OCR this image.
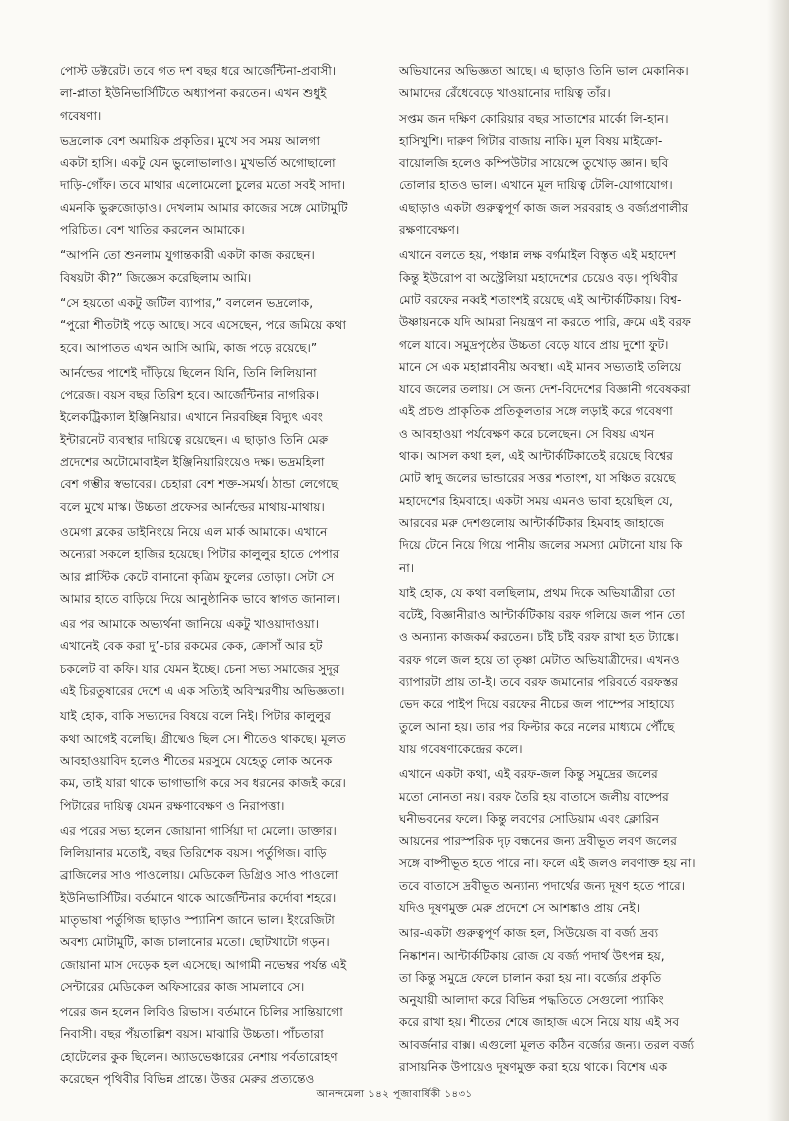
পোস্ট ডক্টরেট। তবে গত দশ বছর ধরে আর্জেন্টিনা-প্রবাসী।
লা-প্লাতা ইউনিভার্সিটিতে অধ্যাপনা করতেন। এখন শুধুই
গবেষণা।

ভদ্রলোক বেশ অমায়িক প্রকৃতির। মুখে সব সময় আলগা
একটা হাসি। একটু যেন ভুলোভালাও। মুখভর্তি অগোছালো
দাড়ি-গোঁফ। তবে মাথার এলোমেলো চুলের মতো সবই সাদা।
এমনকি ভুরুজোড়াও। দেখলাম আমার কাজের সঙ্গে মোটামুটি
পরিচিত। বেশ খাতির করলেন আমাকে।

“আপনি তো শুনলাম যুগান্তকারী একটা কাজ করছেন।
বিষয়টা কী?” জিজ্ঞেস করেছিলাম আমি।

“সে হয়তো একটু জটিল ব্যাপার,” বললেন ভদ্রলোক,
“পুরো শীতটাই পড়ে আছে। সবে এসেছেন, পরে জমিয়ে কথা
হবে। আপাতত এখন আসি আমি, কাজ পড়ে রয়েছে।”

আর্নল্ডের পাশেই দাঁড়িয়ে ছিলেন যিনি, তিনি লিলিয়ানা
পেরেজ। বয়স বছর তিরিশ হবে। আর্জেন্টিনার নাগরিক।
ইলেকট্রিক্যাল ইঞ্জিনিয়ার। এখানে নিরবচ্ছিন্ন বিদ্যুৎ এবং
ইন্টারনেট ব্যবস্থার দায়িত্বে রয়েছেন। এ ছাড়াও তিনি মেরু
প্রদেশের অটোমোবাইল ইঞ্জিনিয়ারিংয়েও দক্ষ। ভদ্রমহিলা
বেশ গম্ভীর স্বভাবের। চেহারা বেশ শক্ত-সমর্থ। ঠান্ডা লেগেছে
বলে মুখে মাস্ক। উচ্চতা প্রফেসর আর্নল্ডের মাথায়-মাথায়।

ওমেগা ব্লকের ডাইনিংয়ে নিয়ে এল মার্ক আমাকে। এখানে
অন্যেরা সকলে হাজির হয়েছে। পিটার কালুলুর হাতে পেপার
আর প্লাস্টিক কেটে বানানো কৃত্রিম ফুলের তোড়া। সেটা সে
আমার হাতে বাড়িয়ে দিয়ে আনুষ্ঠানিক ভাবে স্বাগত জানাল।

এর পর আমাকে অভ্যর্থনা জানিয়ে একটু খাওয়াদাওয়া।
এখানেই বেক করা দু’-চার রকমের কেক, ক্রোসাঁ আর হট
চকলেট বা কফি। যার যেমন ইচ্ছে। চেনা সভ্য সমাজের সুদূর
এই চিরতুষারের দেশে এ এক সত্যিই অবিস্মরণীয় অভিজ্ঞতা।

যাই হোক, বাকি সভ্যদের বিষয়ে বলে নিই। পিটার কালুলুর
কথা আগেই বলেছি। গ্রীষ্মেও ছিল সে। শীতেও থাকছে। মূলত
আবহাওয়াবিদ হলেও শীতের মরসুমে যেহেতু লোক অনেক
কম, তাই যারা থাকে ভাগাভাগি করে সব ধরনের কাজই করে।
পিটারের দায়িত্ব যেমন রক্ষণাবেক্ষণ ও নিরাপত্তা।

এর পরের সভ্য হলেন জোয়ানা গার্সিয়া দা মেলো। ডাক্তার।
লিলিয়ানার মতোই, বছর তিরিশেক বয়স। পর্তুগিজ। বাড়ি
ব্রাজিলের সাও পাওলোয়। মেডিকেল ডিগ্রিও সাও পাওলো
ইউনিভার্সিটির। বর্তমানে থাকে আর্জেন্টিনার কর্দোবা শহরে।
মাতৃভাষা পর্তুগিজ ছাড়াও স্প্যানিশ জানে ভাল। ইংরেজিটা
অবশ্য মোটামুটি, কাজ চালানোর মতো। ছোটখাটো গড়ন।
জোয়ানা মাস দেড়েক হল এসেছে। আগামী নভেম্বর পর্যন্ত এই
সেন্টারের মেডিকেল অফিসারের কাজ সামলাবে সে।

পরের জন হলেন লিবিও রিভাস। বর্তমানে চিলির সান্তিয়াগো
নিবাসী। বছর পঁয়তাল্লিশ বয়স। মাঝারি উচ্চতা। পাঁচতারা
হোটেলের কুক ছিলেন। অ্যাডভেঞ্চারের নেশায় পর্বতারোহণ
করেছেন পৃথিবীর বিভিন্ন প্রান্তে। উত্তর মেরুর প্রত্যন্তেও

অভিযানের অভিজ্ঞতা আছে। এ ছাড়াও তিনি ভাল মেকানিক।
আমাদের রেঁধেবেড়ে খাওয়ানোর দায়িত্ব তাঁর।

সপ্তম জন দক্ষিণ কোরিয়ার বছর সাতাশের মার্কো লি-হান।
হাসিখুশি। দারুণ গিটার বাজায় নাকি। মূল বিষয় মাইক্রো-
বায়োলজি হলেও কম্পিউটার সায়েন্সে তুখোড় জ্ঞান। ছবি
তোলার হাতও ভাল। এখানে মূল দায়িত্ব টেলি-যোগাযোগ।
এছাড়াও একটা গুরুত্বপূর্ণ কাজ জল সরবরাহ ও বর্জ্যপ্রণালীর
রক্ষণাবেক্ষণ।

এখানে বলতে হয়, পঞ্চান্ন লক্ষ বর্গমাইল বিস্তৃত এই মহাদেশ
কিন্তু ইউরোপ বা অস্ট্রেলিয়া মহাদেশের চেয়েও বড়। পৃথিবীর
মোট বরফের নব্বই শতাংশই রয়েছে এই আন্টার্কটিকায়। বিশ্ব-
উষ্ণায়নকে যদি আমরা নিয়ন্ত্রণ না করতে পারি, ক্রমে এই বরফ
গলে যাবে। সমুদ্রপৃষ্ঠের উচ্চতা বেড়ে যাবে প্রায় দুশো ফুট।
মানে সে এক মহাপ্লাবনীয় অবস্থা। এই মানব সভ্যতাই তলিয়ে
যাবে জলের তলায়। সে জন্য দেশ-বিদেশের বিজ্ঞানী গবেষকরা
এই প্রচণ্ড প্রাকৃতিক প্রতিকূলতার সঙ্গে লড়াই করে গবেষণা
ও আবহাওয়া পর্যবেক্ষণ করে চলেছেন। সে বিষয় এখন
থাক। আসল কথা হল, এই আন্টার্কটিকাতেই রয়েছে বিশ্বের
মোট স্বাদু জলের ভান্ডারের সত্তর শতাংশ, যা সঞ্চিত রয়েছে
মহাদেশের হিমবাহে। একটা সময় এমনও ভাবা হয়েছিল যে,
আরবের মরু দেশগুলোয় আন্টার্কটিকার হিমবাহ জাহাজে
দিয়ে টেনে নিয়ে গিয়ে পানীয় জলের সমস্যা মেটানো যায় কি
না।

যাই হোক, যে কথা বলছিলাম, প্রথম দিকে অভিযাত্রীরা তো
বটেই, বিজ্ঞানীরাও আন্টার্কটিকায় বরফ গলিয়ে জল পান তো
ও অন্যান্য কাজকর্ম করতেন। চাঁই চাঁই বরফ রাখা হত ট্যাঙ্কে।
বরফ গলে জল হয়ে তা তৃষ্ণা মেটাত অভিযাত্রীদের। এখনও
ব্যাপারটা প্রায় তা-ই। তবে বরফ জমানোর পরিবর্তে বরফস্তর
ভেদ করে পাইপ দিয়ে বরফের নীচের জল পাম্পের সাহায্যে
তুলে আনা হয়। তার পর ফিল্টার করে নলের মাধ্যমে পৌঁছে
যায় গবেষণাকেন্দ্রের কলে।

এখানে একটা কথা, এই বরফ-জল কিন্তু সমুদ্রের জলের
মতো নোনতা নয়। বরফ তৈরি হয় বাতাসে জলীয় বাষ্পের
ঘনীভবনের ফলে। কিন্তু লবণের সোডিয়াম এবং ক্লোরিন
আয়নের পারস্পরিক দৃঢ় বন্ধনের জন্য দ্রবীভূত লবণ জলের
সঙ্গে বাষ্পীভূত হতে পারে না। ফলে এই জলও লবণাক্ত হয় না।
তবে বাতাসে দ্রবীভূত অন্যান্য পদার্থের জন্য দূষণ হতে পারে।
যদিও দূষণমুক্ত মেরু প্রদেশে সে আশঙ্কাও প্রায় নেই।

আর-একটা গুরুত্বপূর্ণ কাজ হল, সিউয়েজ বা বর্জ্য দ্রব্য
নিষ্কাশন। আন্টার্কটিকায় রোজ যে বর্জ্য পদার্থ উৎপন্ন হয়,
তা কিন্তু সমুদ্রে ফেলে চালান করা হয় না। বর্জ্যের প্রকৃতি
অনুযায়ী আলাদা করে বিভিন্ন পদ্ধতিতে সেগুলো প্যাকিং
করে রাখা হয়। শীতের শেষে জাহাজ এসে নিয়ে যায় এই সব
আবর্জনার বাক্স। এগুলো মূলত কঠিন বর্জ্যের জন্য। তরল বর্জ্য
রাসায়নিক উপায়েও দূষণমুক্ত করা হয়ে থাকে। বিশেষ এক

আনন্দমেলা ১৪২ পূজাবার্ষিকী ১৪৩১
